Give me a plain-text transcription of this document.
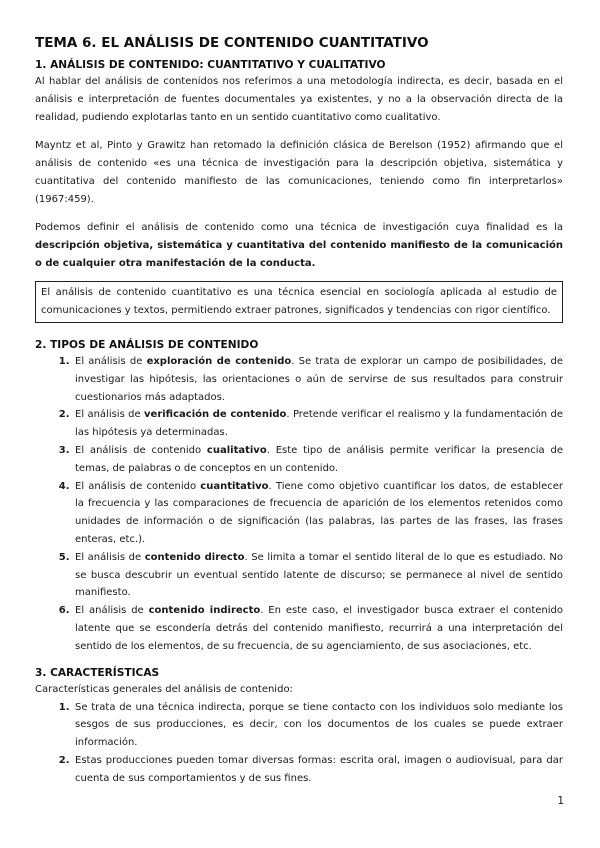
TEMA 6. EL ANÁLISIS DE CONTENIDO CUANTITATIVO
1. ANÁLISIS DE CONTENIDO: CUANTITATIVO Y CUALITATIVO

Al hablar del análisis de contenidos nos referimos a una metodología indirecta, es decir, basada en el análisis e interpretación de fuentes documentales ya existentes, y no a la observación directa de la realidad, pudiendo explotarlas tanto en un sentido cuantitativo como cualitativo.

Mayntz et al, Pinto y Grawitz han retomado la definición clásica de Berelson (1952) afirmando que el análisis de contenido «es una técnica de investigación para la descripción objetiva, sistemática y cuantitativa del contenido manifiesto de las comunicaciones, teniendo como fin interpretarlos» (1967:459).

Podemos definir el análisis de contenido como una técnica de investigación cuya finalidad es la descripción objetiva, sistemática y cuantitativa del contenido manifiesto de la comunicación o de cualquier otra manifestación de la conducta.

El análisis de contenido cuantitativo es una técnica esencial en sociología aplicada al estudio de comunicaciones y textos, permitiendo extraer patrones, significados y tendencias con rigor científico.
2. TIPOS DE ANÁLISIS DE CONTENIDO
1. El análisis de exploración de contenido. Se trata de explorar un campo de posibilidades, de investigar las hipótesis, las orientaciones o aún de servirse de sus resultados para construir cuestionarios más adaptados.
2. El análisis de verificación de contenido. Pretende verificar el realismo y la fundamentación de las hipótesis ya determinadas.
3. El análisis de contenido cualitativo. Este tipo de análisis permite verificar la presencia de temas, de palabras o de conceptos en un contenido.
4. El análisis de contenido cuantitativo. Tiene como objetivo cuantificar los datos, de establecer la frecuencia y las comparaciones de frecuencia de aparición de los elementos retenidos como unidades de información o de significación (las palabras, las partes de las frases, las frases enteras, etc.).
5. El análisis de contenido directo. Se limita a tomar el sentido literal de lo que es estudiado. No se busca descubrir un eventual sentido latente de discurso; se permanece al nivel de sentido manifiesto.
6. El análisis de contenido indirecto. En este caso, el investigador busca extraer el contenido latente que se escondería detrás del contenido manifiesto, recurrirá a una interpretación del sentido de los elementos, de su frecuencia, de su agenciamiento, de sus asociaciones, etc.
3. CARACTERÍSTICAS

Características generales del análisis de contenido:

1. Se trata de una técnica indirecta, porque se tiene contacto con los individuos solo mediante los sesgos de sus producciones, es decir, con los documentos de los cuales se puede extraer información.
2. Estas producciones pueden tomar diversas formas: escrita oral, imagen o audiovisual, para dar cuenta de sus comportamientos y de sus fines.
1
